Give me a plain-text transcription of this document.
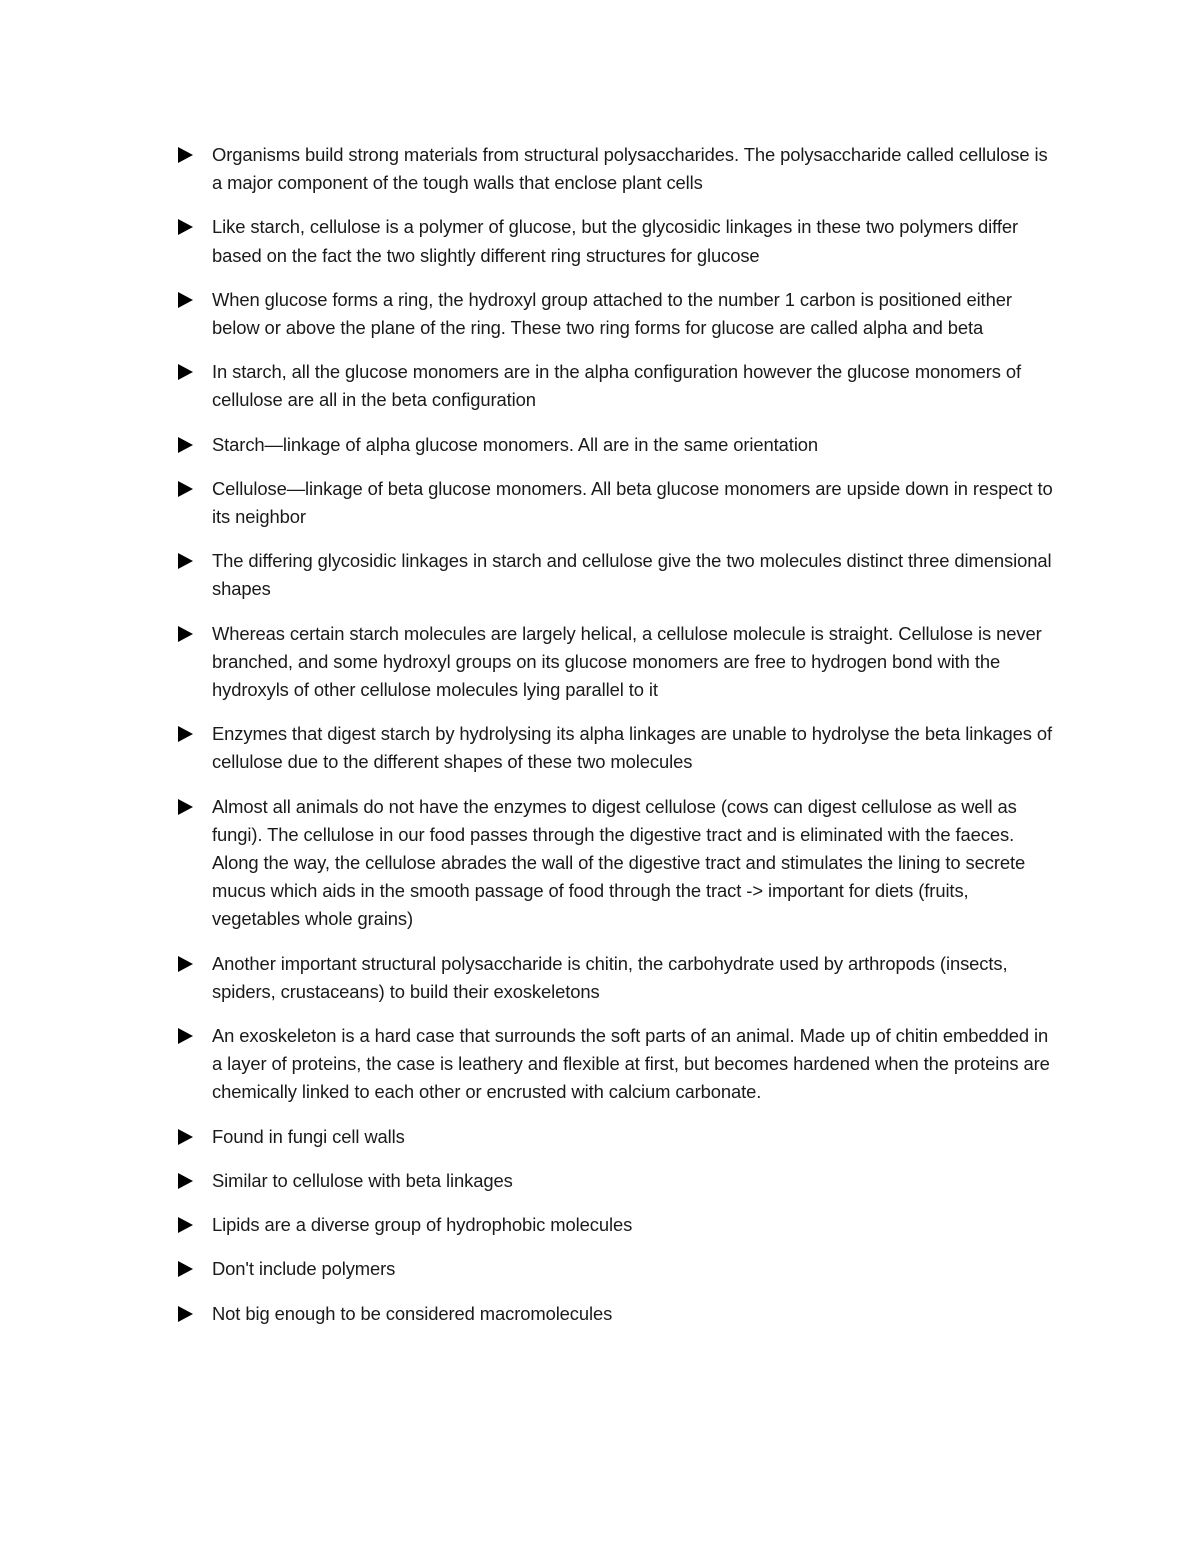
Organisms build strong materials from structural polysaccharides. The polysaccharide called cellulose is a major component of the tough walls that enclose plant cells
Like starch, cellulose is a polymer of glucose, but the glycosidic linkages in these two polymers differ based on the fact the two slightly different ring structures for glucose
When glucose forms a ring, the hydroxyl group attached to the number 1 carbon is positioned either below or above the plane of the ring. These two ring forms for glucose are called alpha and beta
In starch, all the glucose monomers are in the alpha configuration however the glucose monomers of cellulose are all in the beta configuration
Starch—linkage of alpha glucose monomers. All are in the same orientation
Cellulose—linkage of beta glucose monomers. All beta glucose monomers are upside down in respect to its neighbor
The differing glycosidic linkages in starch and cellulose give the two molecules distinct three dimensional shapes
Whereas certain starch molecules are largely helical, a cellulose molecule is straight. Cellulose is never branched, and some hydroxyl groups on its glucose monomers are free to hydrogen bond with the hydroxyls of other cellulose molecules lying parallel to it
Enzymes that digest starch by hydrolysing its alpha linkages are unable to hydrolyse the beta linkages of cellulose due to the different shapes of these two molecules
Almost all animals do not have the enzymes to digest cellulose (cows can digest cellulose as well as fungi). The cellulose in our food passes through the digestive tract and is eliminated with the faeces. Along the way, the cellulose abrades the wall of the digestive tract and stimulates the lining to secrete mucus which aids in the smooth passage of food through the tract -> important for diets (fruits, vegetables whole grains)
Another important structural polysaccharide is chitin, the carbohydrate used by arthropods (insects, spiders, crustaceans) to build their exoskeletons
An exoskeleton is a hard case that surrounds the soft parts of an animal. Made up of chitin embedded in a layer of proteins, the case is leathery and flexible at first, but becomes hardened when the proteins are chemically linked to each other or encrusted with calcium carbonate.
Found in fungi cell walls
Similar to cellulose with beta linkages
Lipids are a diverse group of hydrophobic molecules
Don't include polymers
Not big enough to be considered macromolecules
